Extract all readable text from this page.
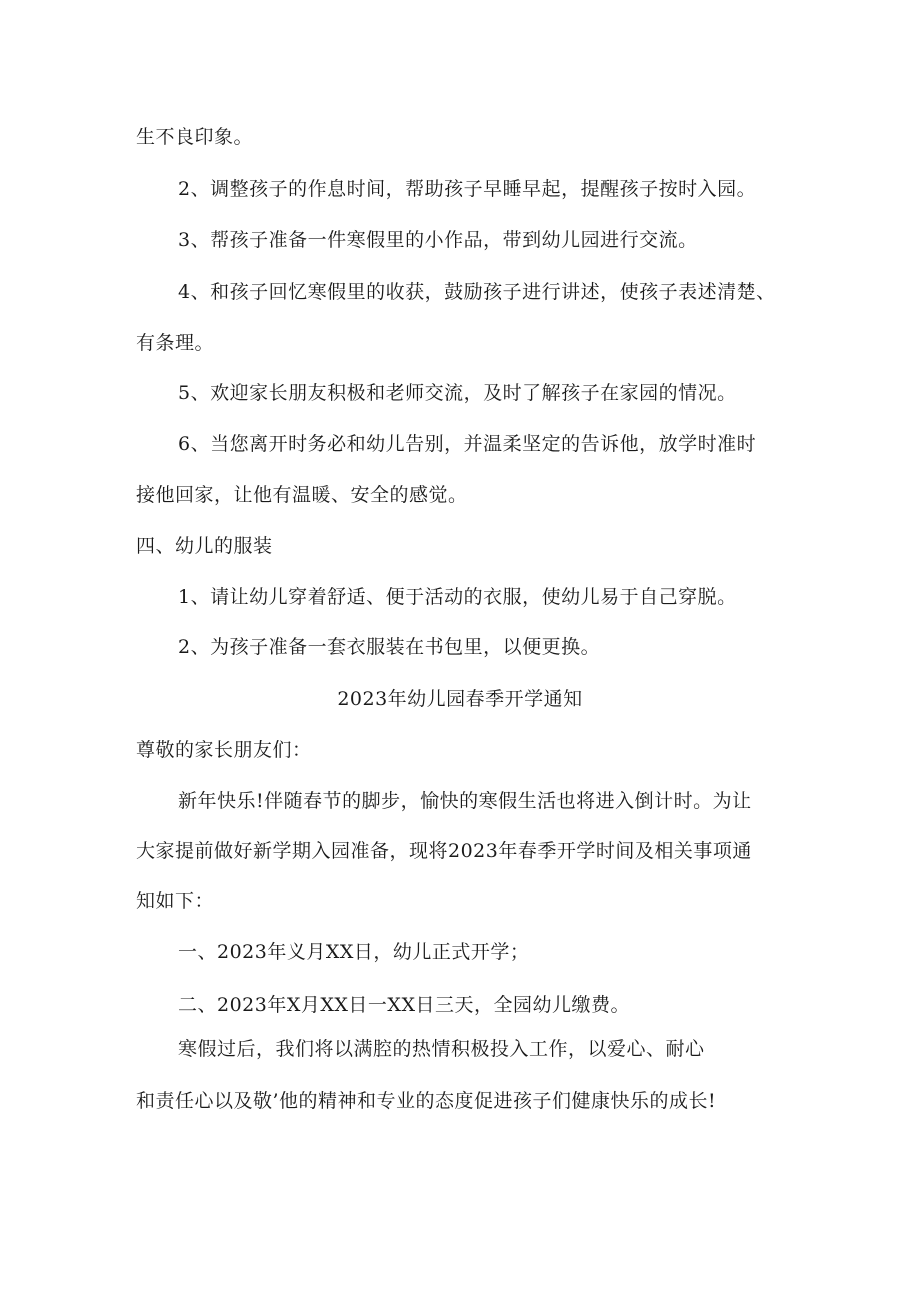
生不良印象。
2、调整孩子的作息时间，帮助孩子早睡早起，提醒孩子按时入园。
3、帮孩子准备一件寒假里的小作品，带到幼儿园进行交流。
4、和孩子回忆寒假里的收获，鼓励孩子进行讲述，使孩子表述清楚、
有条理。
5、欢迎家长朋友积极和老师交流，及时了解孩子在家园的情况。
6、当您离开时务必和幼儿告别，并温柔坚定的告诉他，放学时准时
接他回家，让他有温暖、安全的感觉。
四、幼儿的服装
1、请让幼儿穿着舒适、便于活动的衣服，使幼儿易于自己穿脱。
2、为孩子准备一套衣服装在书包里，以便更换。
2023年幼儿园春季开学通知
尊敬的家长朋友们：
新年快乐!伴随春节的脚步，愉快的寒假生活也将进入倒计时。为让
大家提前做好新学期入园准备，现将2023年春季开学时间及相关事项通
知如下：
一、2023年义月XX日，幼儿正式开学；
二、2023年X月XX日一XX日三天，全园幼儿缴费。
寒假过后，我们将以满腔的热情积极投入工作，以爱心、耐心
和责任心以及敬’他的精神和专业的态度促进孩子们健康快乐的成长!
